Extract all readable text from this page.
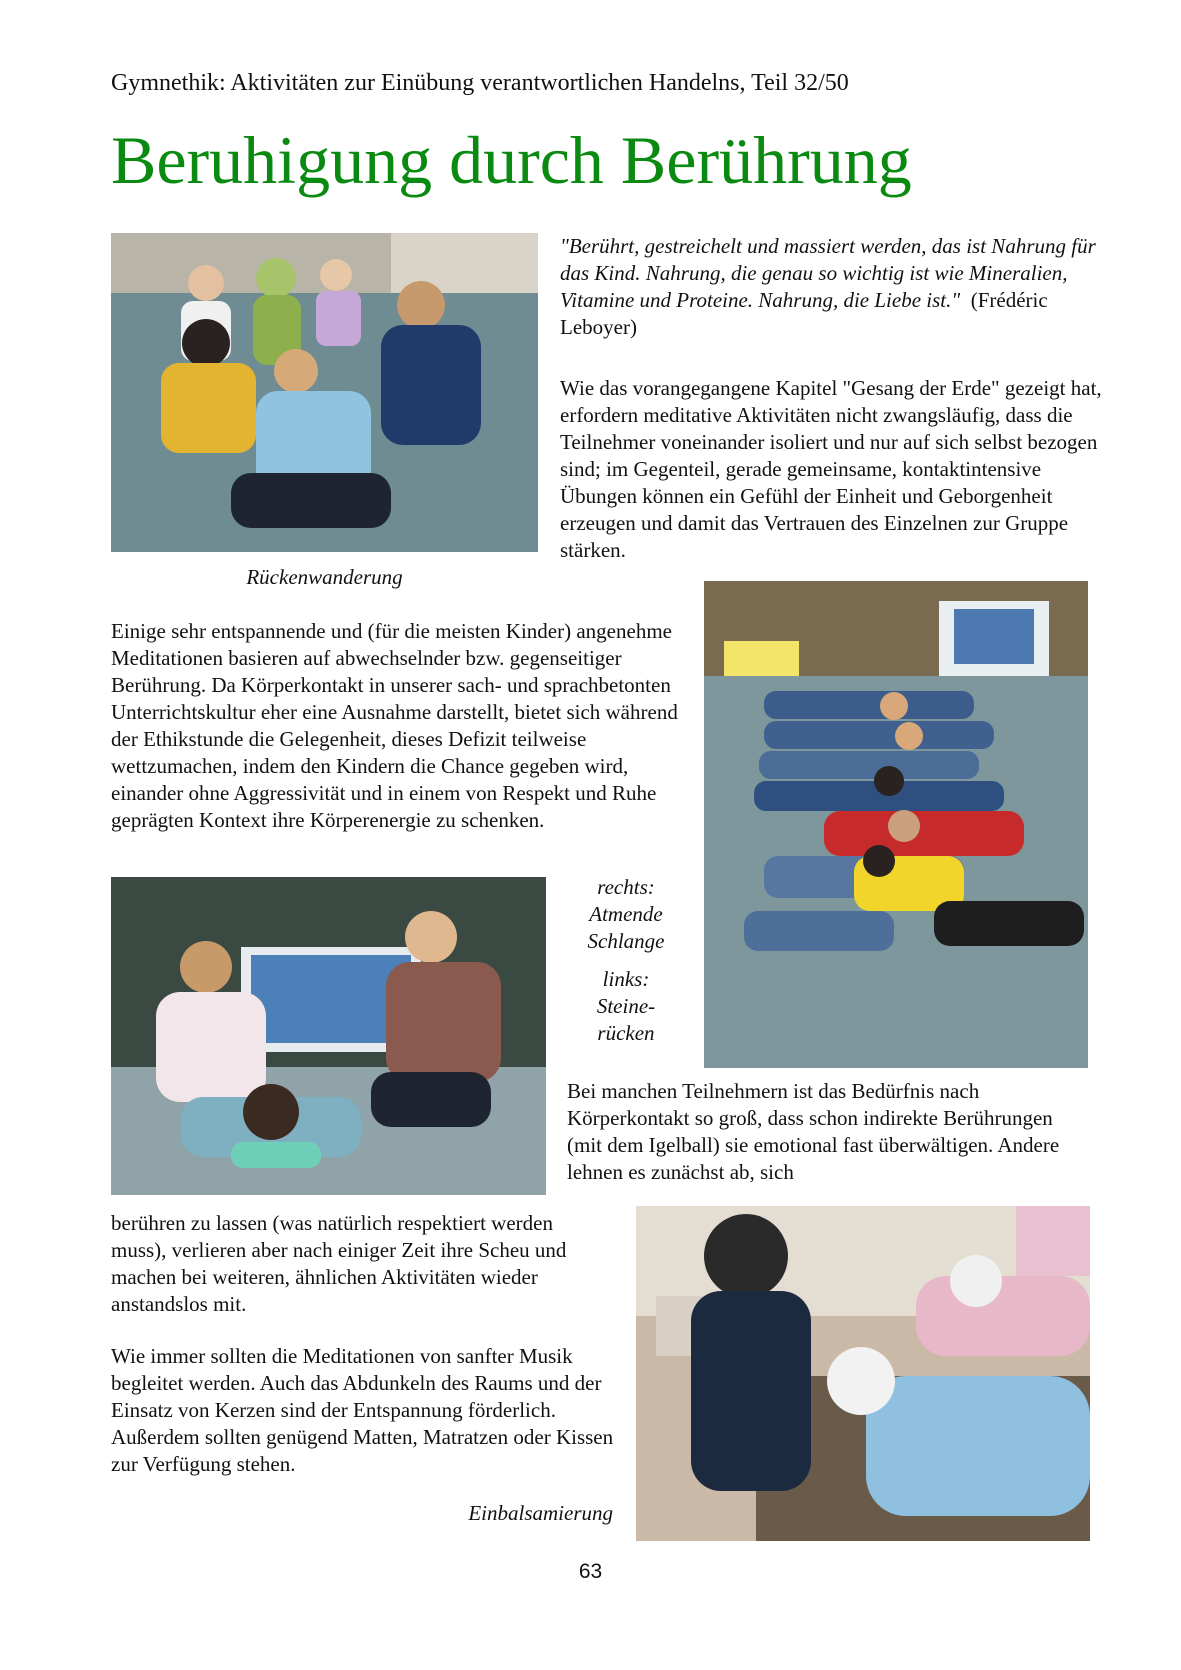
Gymnethik: Aktivitäten zur Einübung verantwortlichen Handelns, Teil 32/50
Beruhigung durch Berührung
Rückenwanderung

"Berührt, gestreichelt und massiert werden, das ist Nahrung für das Kind. Nahrung, die genau so wichtig ist wie Mineralien, Vitamine und Proteine. Nahrung, die Liebe ist." (Frédéric Leboyer)

Wie das vorangegangene Kapitel "Gesang der Erde" gezeigt hat, erfordern meditative Aktivitäten nicht zwangsläufig, dass die Teilnehmer voneinander isoliert und nur auf sich selbst bezogen sind; im Gegenteil, gerade gemeinsame, kontaktintensive Übungen können ein Gefühl der Einheit und Geborgenheit erzeugen und damit das Vertrauen des Einzelnen zur Gruppe stärken.

Einige sehr entspannende und (für die meisten Kinder) angenehme Meditationen basieren auf abwechselnder bzw. gegenseitiger Berührung. Da Körperkontakt in unserer sach- und sprachbetonten Unterrichtskultur eher eine Ausnahme darstellt, bietet sich während der Ethikstunde die Gelegenheit, dieses Defizit teilweise wettzumachen, indem den Kindern die Chance gegeben wird, einander ohne Aggressivität und in einem von Respekt und Ruhe geprägten Kontext ihre Körperenergie zu schenken.

rechts:
Atmende
Schlange
links:
Steine-
rücken

Bei manchen Teilnehmern ist das Bedürfnis nach Körperkontakt so groß, dass schon indirekte Berührungen (mit dem Igelball) sie emotional fast überwältigen. Andere lehnen es zunächst ab, sich

berühren zu lassen (was natürlich respektiert werden muss), verlieren aber nach einiger Zeit ihre Scheu und machen bei weiteren, ähnlichen Aktivitäten wieder anstandslos mit.

Wie immer sollten die Meditationen von sanfter Musik begleitet werden. Auch das Abdunkeln des Raums und der Einsatz von Kerzen sind der Entspannung förderlich. Außerdem sollten genügend Matten, Matratzen oder Kissen zur Verfügung stehen.

Einbalsamierung
63
